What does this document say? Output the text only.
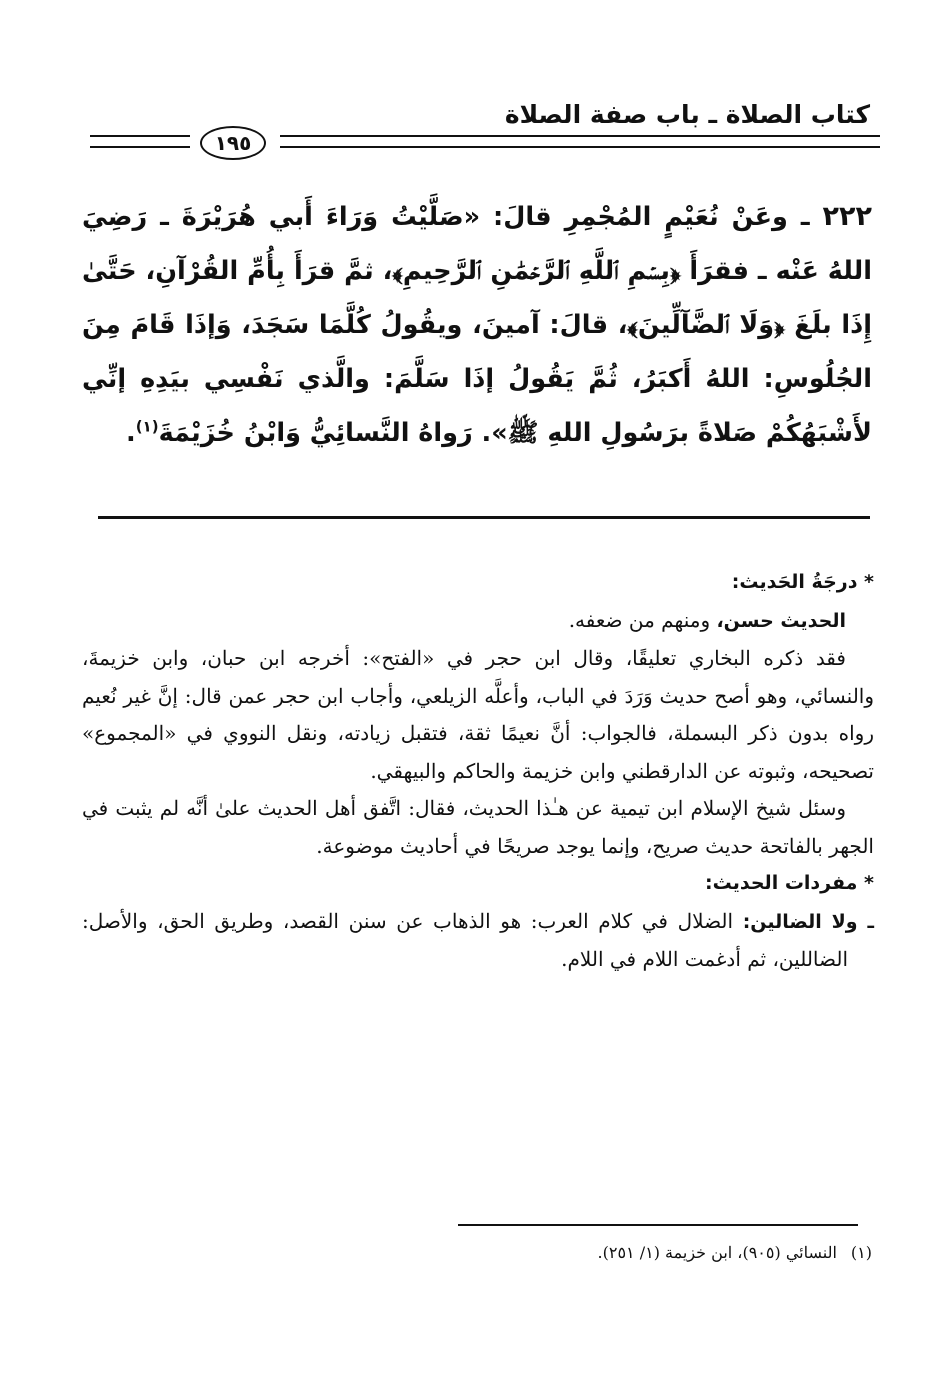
كتاب الصلاة ـ باب صفة الصلاة
١٩٥
٢٢٢ ـ وعَنْ نُعَيْمٍ المُجْمِرِ قالَ: «صَلَّيْتُ وَرَاءَ أَبي هُرَيْرَةَ ـ رَضِيَ اللهُ عَنْه ـ فقرَأَ ﴿بِسۡمِ ٱللَّهِ ٱلرَّحۡمَٰنِ ٱلرَّحِيمِ﴾، ثمَّ قرَأَ بِأُمِّ القُرْآنِ، حَتَّىٰ إِذَا بلَغَ ﴿وَلَا ٱلضَّآلِّينَ﴾، قالَ: آمينَ، ويقُولُ كُلَّمَا سَجَدَ، وَإذَا قَامَ مِنَ الجُلُوسِ: اللهُ أَكبَرُ، ثُمَّ يَقُولُ إذَا سَلَّمَ: والَّذي نَفْسِي بيَدِهِ إنِّي لأَشْبَهُكُمْ صَلاةً برَسُولِ اللهِ ﷺ». رَواهُ النَّسائِيُّ وَابْنُ خُزَيْمَةَ$^{(١)}$.

* درجَةُ الحَديث:

الحديث حسن، ومنهم من ضعفه.

فقد ذكره البخاري تعليقًا، وقال ابن حجر في «الفتح»: أخرجه ابن حبان، وابن خزيمةَ، والنسائي، وهو أصح حديث وَرَدَ في الباب، وأعلَّه الزيلعي، وأجاب ابن حجر عمن قال: إنَّ غير نُعيم رواه بدون ذكر البسملة، فالجواب: أنَّ نعيمًا ثقة، فتقبل زيادته، ونقل النووي في «المجموع» تصحيحه، وثبوته عن الدارقطني وابن خزيمة والحاكم والبيهقي.

وسئل شيخ الإسلام ابن تيمية عن هـٰذا الحديث، فقال: اتَّفق أهل الحديث علىٰ أنَّه لم يثبت في الجهر بالفاتحة حديث صريح، وإنما يوجد صريحًا في أحاديث موضوعة.

* مفردات الحديث:

ـ ولا الضالين: الضلال في كلام العرب: هو الذهاب عن سنن القصد، وطريق الحق، والأصل: الضاللين، ثم أدغمت اللام في اللام.

(١)النسائي (٩٠٥)، ابن خزيمة (١/ ٢٥١).
